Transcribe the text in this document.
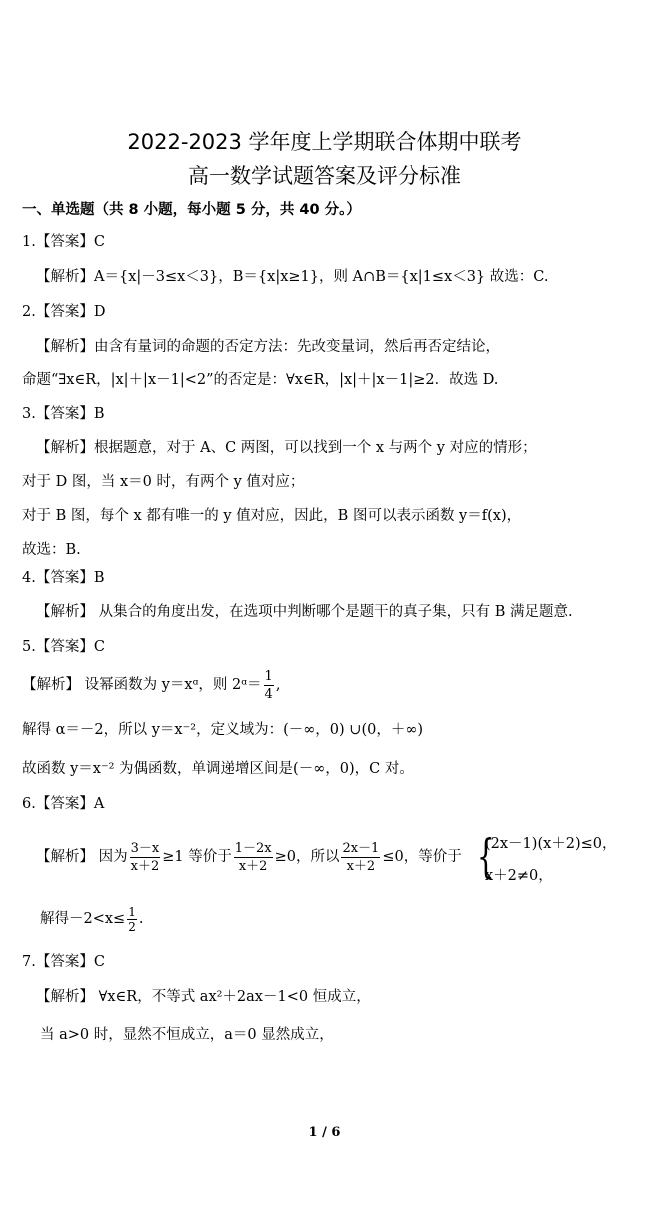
2022-2023 学年度上学期联合体期中联考
高一数学试题答案及评分标准
一、单选题（共 8 小题，每小题 5 分，共 40 分。）
1.【答案】C
【解析】A＝{x|－3≤x＜3}，B＝{x|x≥1}，则 A∩B＝{x|1≤x＜3} 故选：C.
2.【答案】D
【解析】由含有量词的命题的否定方法：先改变量词，然后再否定结论，
命题“∃x∈R，|x|＋|x－1|<2”的否定是：∀x∈R，|x|＋|x－1|≥2．故选 D.
3.【答案】B
【解析】根据题意，对于 A、C 两图，可以找到一个 x 与两个 y 对应的情形；
对于 D 图，当 x＝0 时，有两个 y 值对应；
对于 B 图，每个 x 都有唯一的 y 值对应，因此，B 图可以表示函数 y＝f(x)，
故选：B.
4.【答案】B
【解析】 从集合的角度出发，在选项中判断哪个是题干的真子集，只有 B 满足题意.
5.【答案】C
【解析】 设幂函数为 y＝xᵅ，则 2ᵅ＝ $\frac{1}{4}$ ,
解得 α＝－2，所以 y＝x⁻²，定义域为：(－∞，0) ∪(0，＋∞)
故函数 y＝x⁻² 为偶函数，单调递增区间是(－∞，0)，C 对。
6.【答案】A
【解析】 因为 $\frac{3-x}{x+2} \ge 1$ 等价于 $\frac{1-2x}{x+2} \ge 0$，所以 $\frac{2x-1}{x+2} \le 0$，等价于 {
(2x－1)(x＋2)≤0，
x＋2≠0，
解得$-2<x\le \frac{1}{2}$ .
7.【答案】C
【解析】 ∀x∈R，不等式 ax²＋2ax－1<0 恒成立，
当 a>0 时，显然不恒成立，a＝0 显然成立，
1 / 6
